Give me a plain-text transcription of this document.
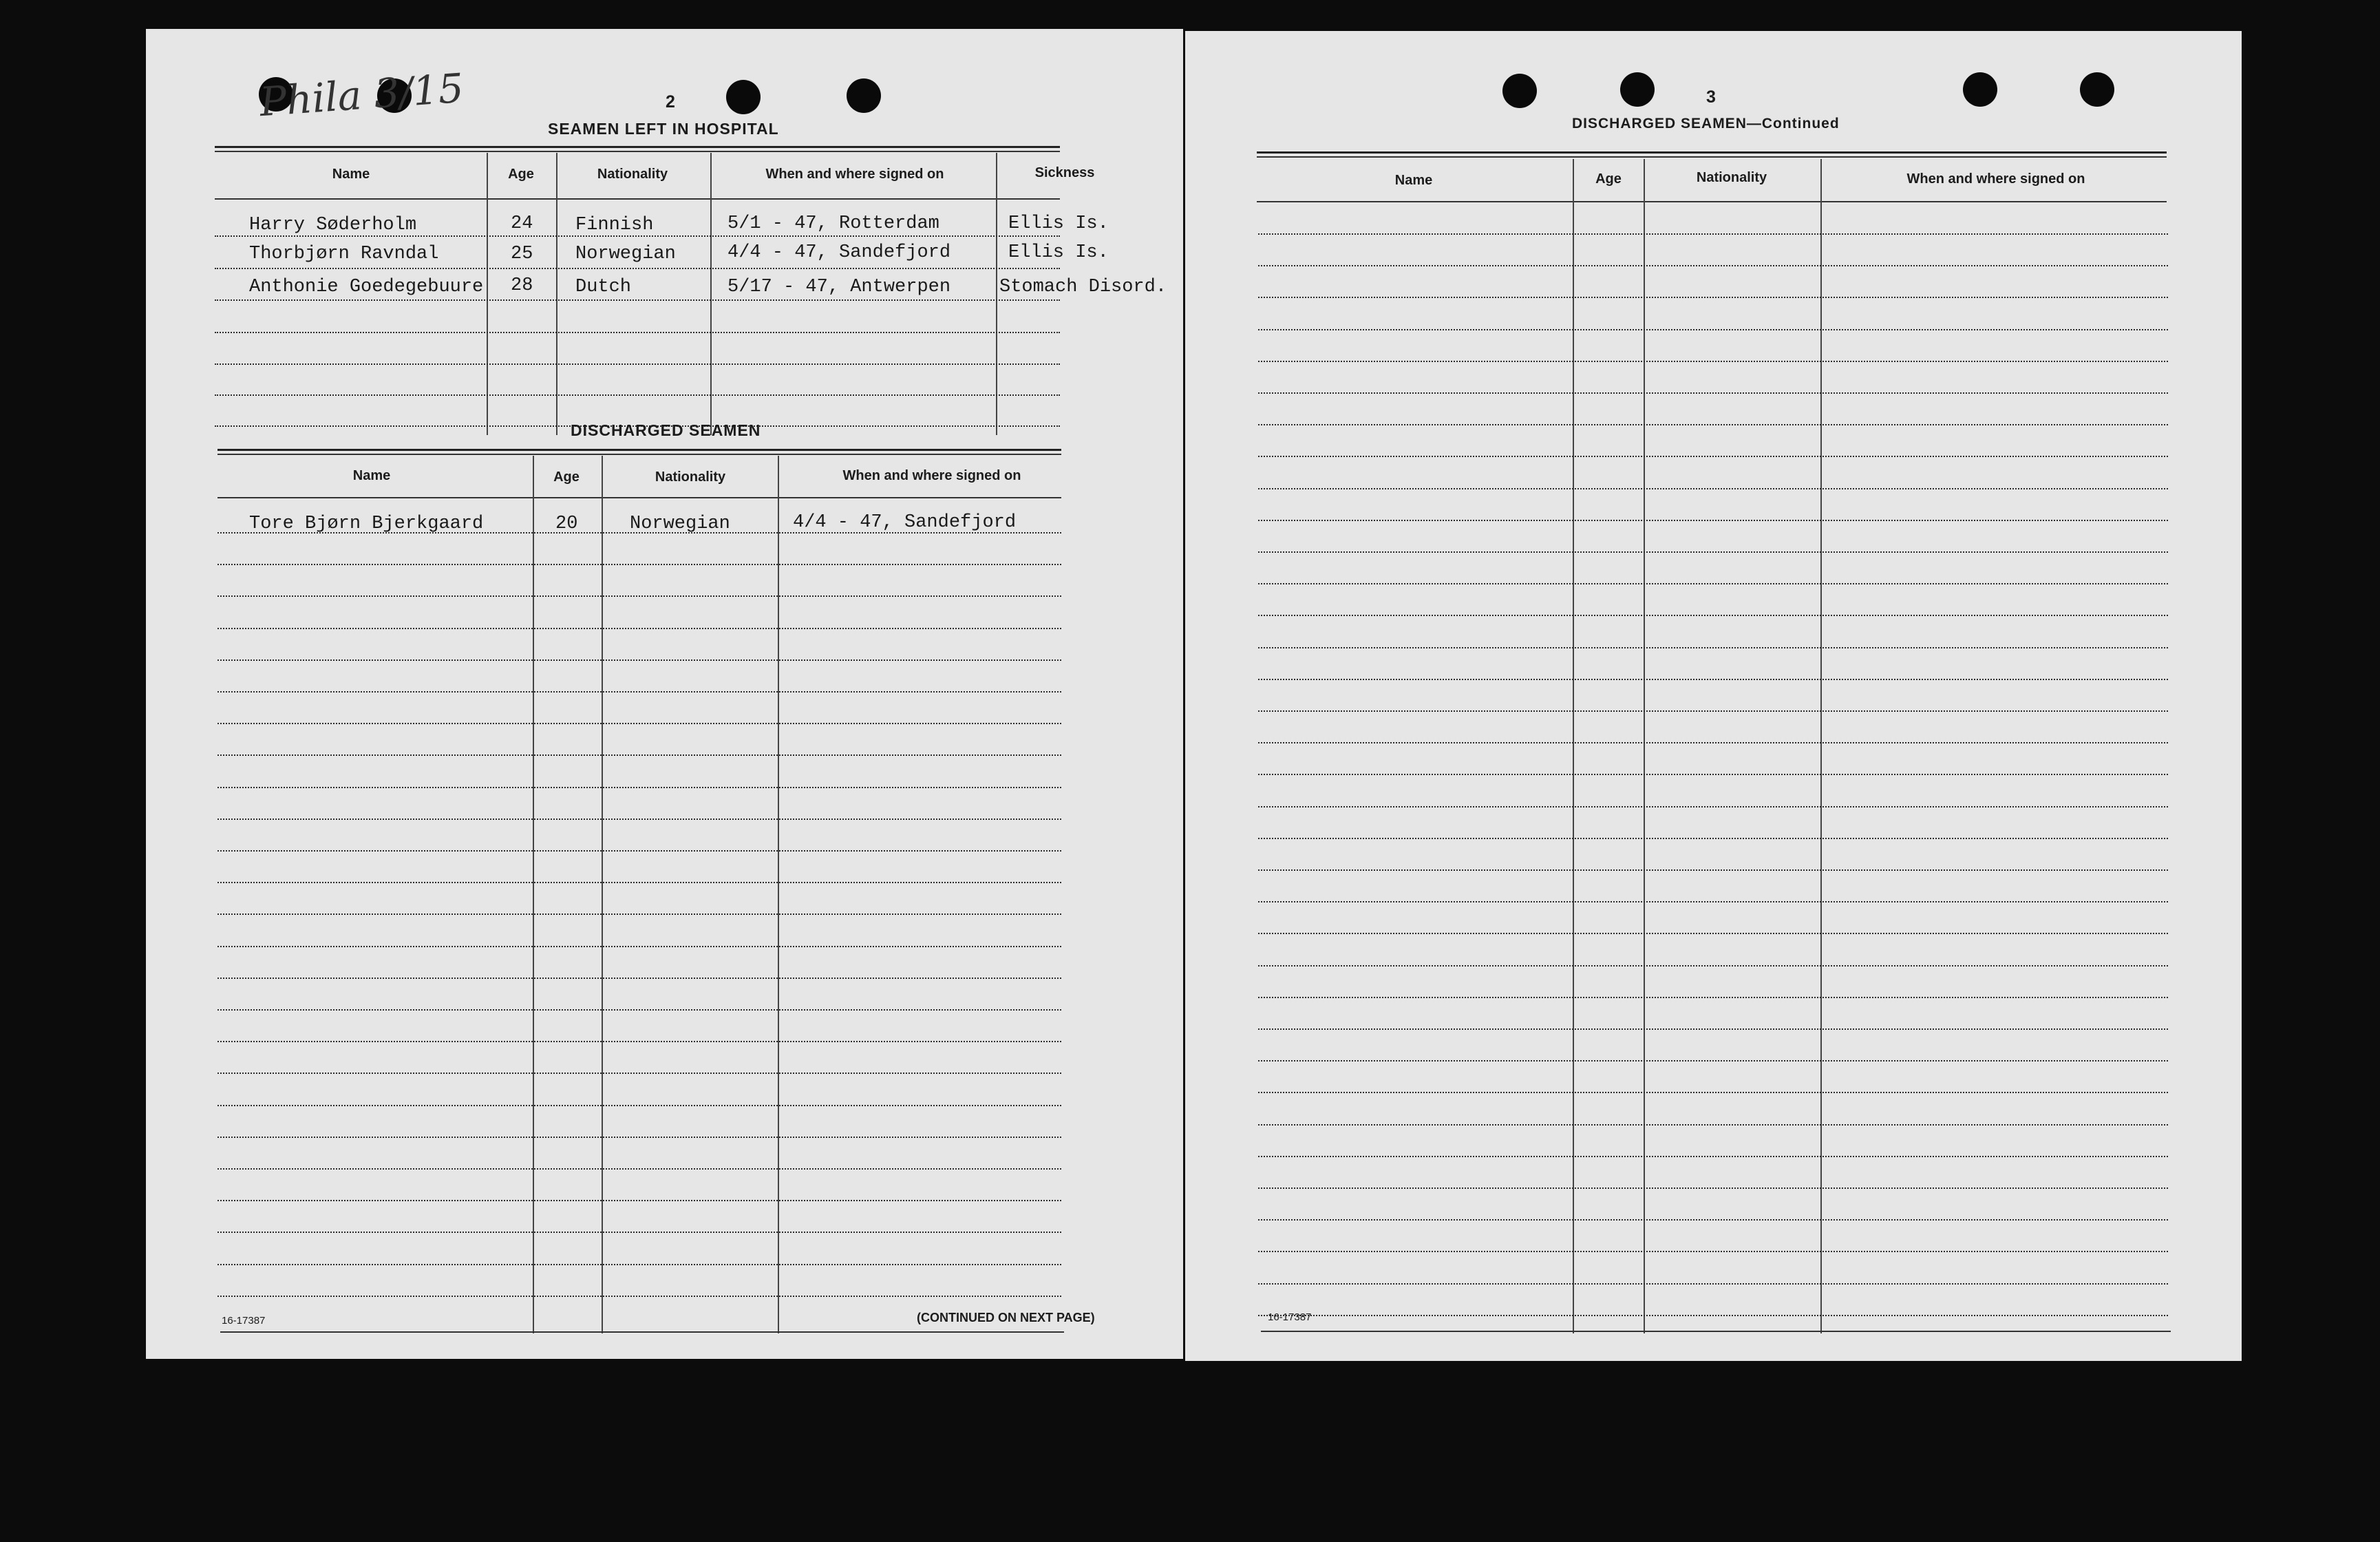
Phila 3/15	2
SEAMEN LEFT IN HOSPITAL
Name	Age	Nationality	When and where signed on	Sickness
Harry Søderholm	24 Finnish	5/1 - 47, Rotterdam	Ellis Is.
Thorbjørn Ravndal	25 Norwegian	4/4 - 47, Sandefjord	Ellis Is.
Anthonie Goedegebuure 28 Dutch	5/17 - 47, Antwerpen	Stomach Disord.
DISCHARGED SEAMEN
Name	Age	Nationality	When and where signed on
Tore Bjørn Bjerkgaard	20	Norwegian	4/4 - 47, Sandefjord
16-17387	(CONTINUED ON NEXT PAGE)
3
DISCHARGED SEAMEN—Continued
Name	Age	Nationality	When and where signed on
16-17387
